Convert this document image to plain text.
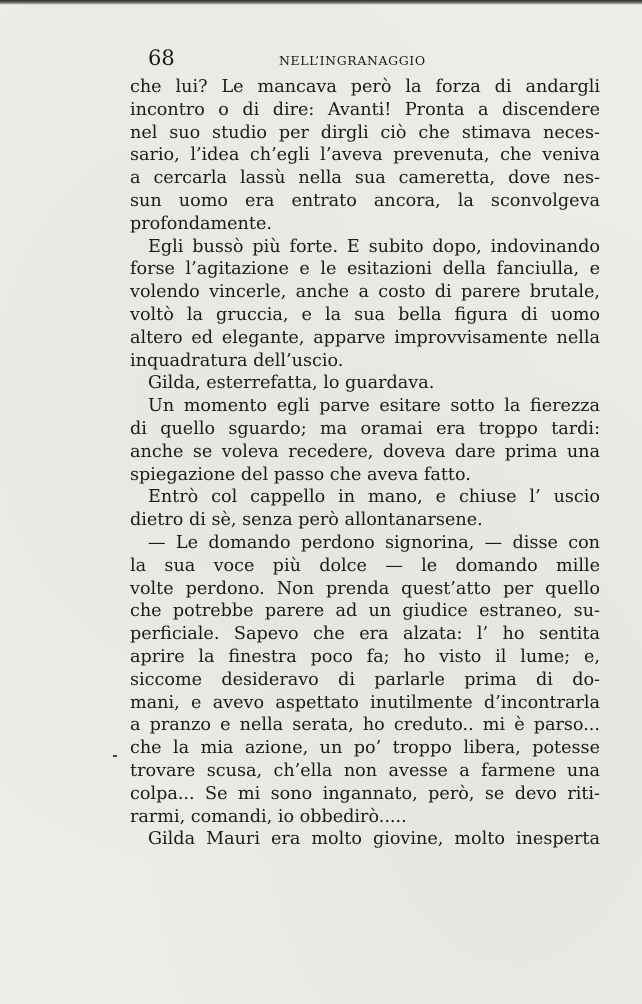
68	NELL’INGRANAGGIO
che lui? Le mancava però la forza di andargli
incontro o di dire: Avanti! Pronta a discendere
nel suo studio per dirgli ciò che stimava neces-
sario, l’idea ch’egli l’aveva prevenuta, che veniva
a cercarla lassù nella sua cameretta, dove nes-
sun uomo era entrato ancora, la sconvolgeva
profondamente.
Egli bussò più forte. E subito dopo, indovinando
forse l’agitazione e le esitazioni della fanciulla, e
volendo vincerle, anche a costo di parere brutale,
voltò la gruccia, e la sua bella figura di uomo
altero ed elegante, apparve improvvisamente nella
inquadratura dell’uscio.
Gilda, esterrefatta, lo guardava.
Un momento egli parve esitare sotto la fierezza
di quello sguardo; ma oramai era troppo tardi:
anche se voleva recedere, doveva dare prima una
spiegazione del passo che aveva fatto.
Entrò col cappello in mano, e chiuse l’ uscio
dietro di sè, senza però allontanarsene.
— Le domando perdono signorina, — disse con
la sua voce più dolce — le domando mille
volte perdono. Non prenda quest’atto per quello
che potrebbe parere ad un giudice estraneo, su-
perficiale. Sapevo che era alzata: l’ ho sentita
aprire la finestra poco fa; ho visto il lume; e,
siccome desideravo di parlarle prima di do-
mani, e avevo aspettato inutilmente d’incontrarla
a pranzo e nella serata, ho creduto.. mi è parso...
che la mia azione, un po’ troppo libera, potesse
trovare scusa, ch’ella non avesse a farmene una
colpa... Se mi sono ingannato, però, se devo riti-
rarmi, comandi, io obbedirò.....
Gilda Mauri era molto giovine, molto inesperta
